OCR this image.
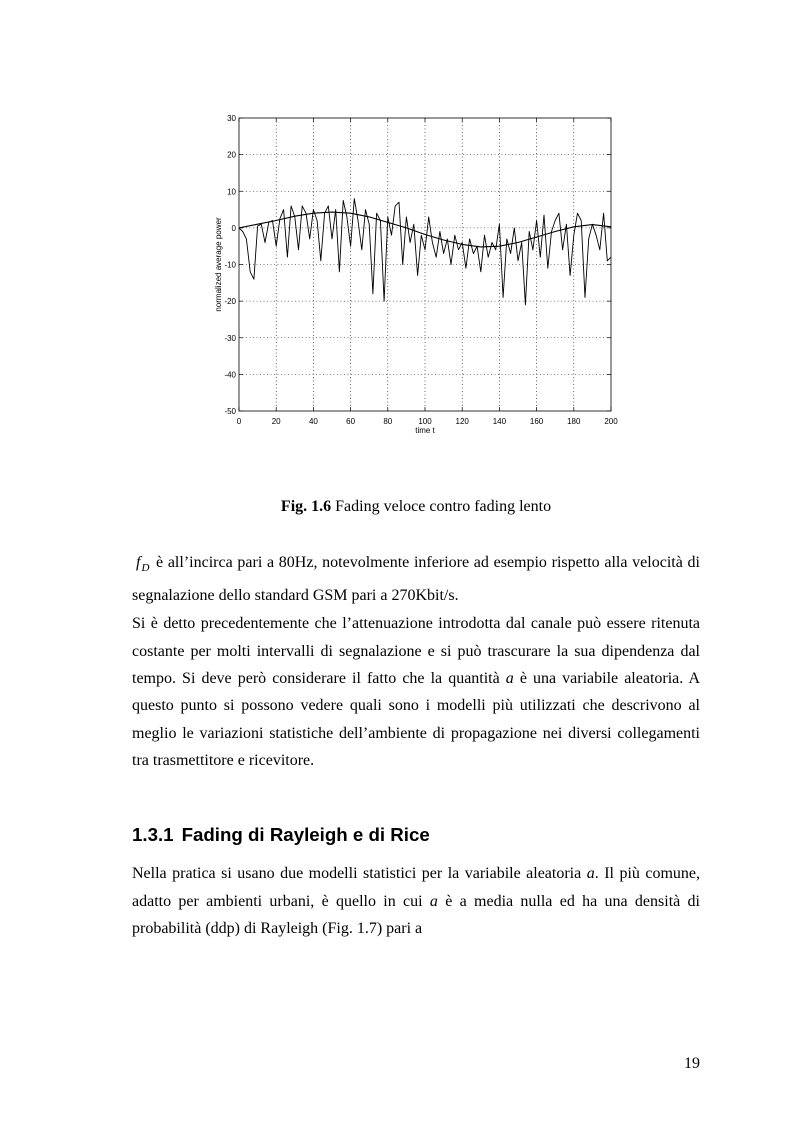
0	20	40	60	80	100	120	140	160	180	200
30
20
10
0
-10
-20
-30
-40
-50
time t
normalized average power
Fig. 1.6 Fading veloce contro fading lento
$f_D$ è all’incirca pari a 80Hz, notevolmente inferiore ad esempio rispetto alla velocità di
segnalazione dello standard GSM pari a 270Kbit/s.
Si è detto precedentemente che l’attenuazione introdotta dal canale può essere ritenuta
costante per molti intervalli di segnalazione e si può trascurare la sua dipendenza dal
tempo. Si deve però considerare il fatto che la quantità a è una variabile aleatoria. A
questo punto si possono vedere quali sono i modelli più utilizzati che descrivono al
meglio le variazioni statistiche dell’ambiente di propagazione nei diversi collegamenti
tra trasmettitore e ricevitore.
1.3.1 Fading di Rayleigh e di Rice
Nella pratica si usano due modelli statistici per la variabile aleatoria a. Il più comune,
adatto per ambienti urbani, è quello in cui a è a media nulla ed ha una densità di
probabilità (ddp) di Rayleigh (Fig. 1.7) pari a
19
